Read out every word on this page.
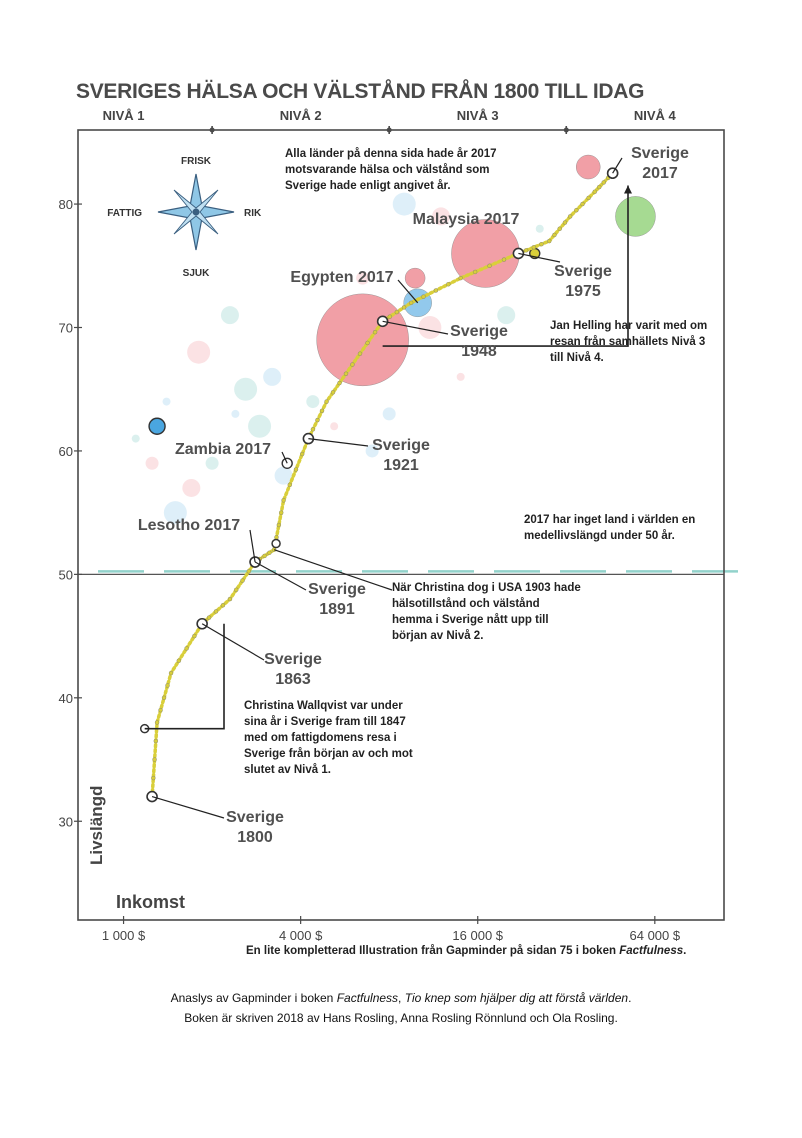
SVERIGES HÄLSA OCH VÄLSTÅND FRÅN 1800 TILL IDAG
NIVÅ 1	NIVÅ 2	NIVÅ 3	NIVÅ 4
30
40
50
60
70
80
1 000 $	4 000 $	16 000 $	64 000 $
FRISK
SJUK
FATTIG	RIK
Livslängd
Inkomst
Sverige 2017
Malaysia 2017
Sverige 1975
Egypten 2017
Sverige 1948
Zambia 2017	Sverige 1921
Lesotho 2017
Sverige 1891
Sverige 1863
Sverige 1800
Alla länder på denna sida hade år 2017 motsvarande hälsa och välstånd som Sverige hade enligt angivet år.
Jan Helling har varit med om resan från samhällets Nivå 3 till Nivå 4.
2017 har inget land i världen en medellivslängd under 50 år.
När Christina dog i USA 1903 hade hälsotillstånd och välstånd hemma i Sverige nått upp till början av Nivå 2.
Christina Wallqvist var under sina år i Sverige fram till 1847 med om fattigdomens resa i Sverige från början av och mot slutet av Nivå 1.
En lite kompletterad Illustration från Gapminder på sidan 75 i boken Factfulness.
Anaslys av Gapminder i boken Factfulness, Tio knep som hjälper dig att förstå världen.
Boken är skriven 2018 av Hans Rosling, Anna Rosling Rönnlund och Ola Rosling.
